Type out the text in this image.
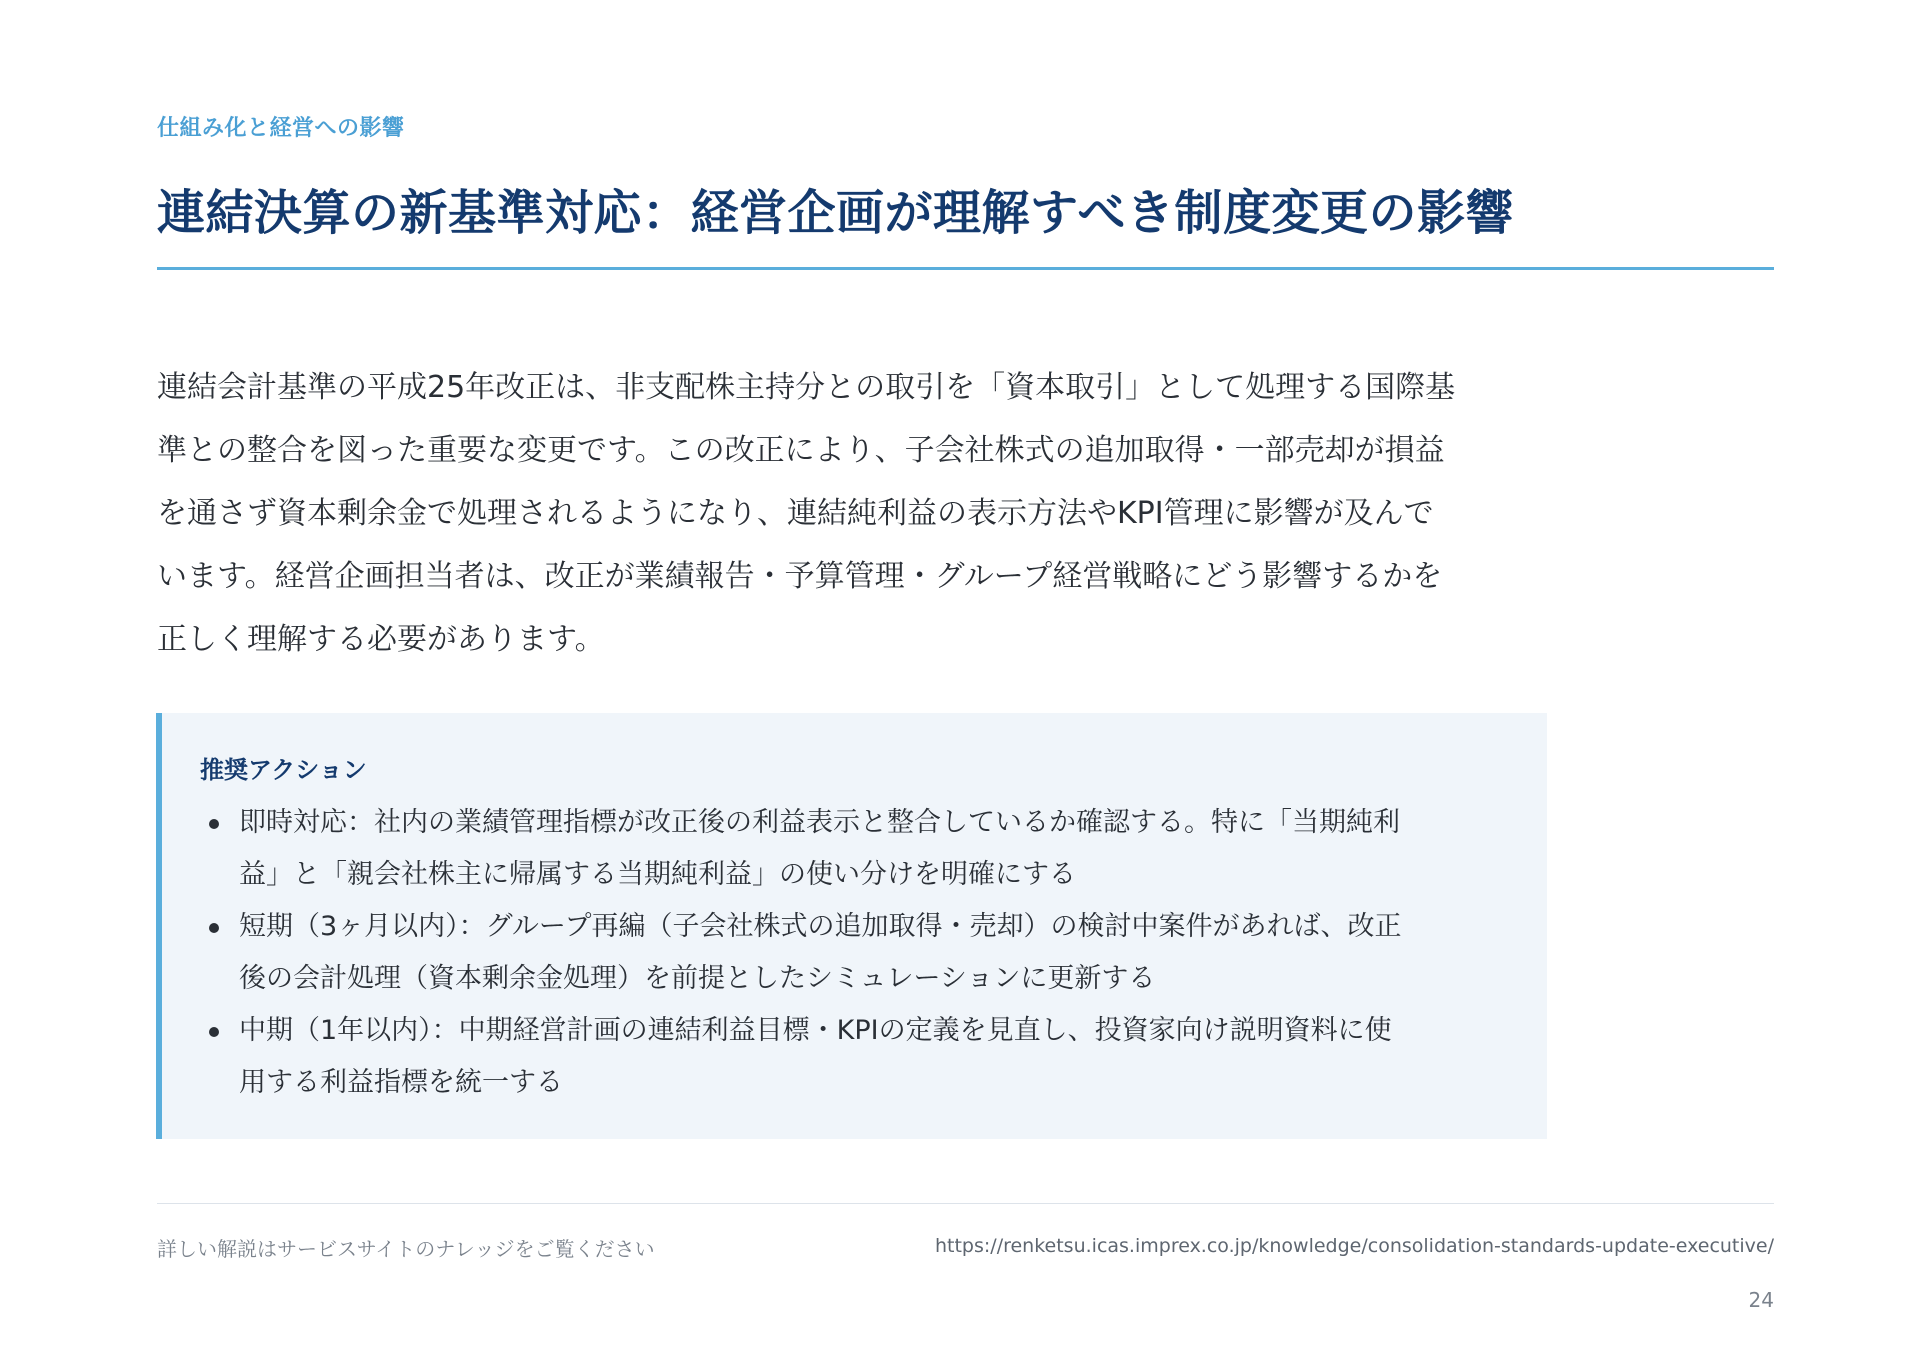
仕組み化と経営への影響
連結決算の新基準対応：経営企画が理解すべき制度変更の影響
連結会計基準の平成25年改正は、非支配株主持分との取引を「資本取引」として処理する国際基
準との整合を図った重要な変更です。この改正により、子会社株式の追加取得・一部売却が損益
を通さず資本剰余金で処理されるようになり、連結純利益の表示方法やKPI管理に影響が及んで
います。経営企画担当者は、改正が業績報告・予算管理・グループ経営戦略にどう影響するかを
正しく理解する必要があります。
推奨アクション
即時対応：社内の業績管理指標が改正後の利益表示と整合しているか確認する。特に「当期純利
益」と「親会社株主に帰属する当期純利益」の使い分けを明確にする
短期（3ヶ月以内）：グループ再編（子会社株式の追加取得・売却）の検討中案件があれば、改正
後の会計処理（資本剰余金処理）を前提としたシミュレーションに更新する
中期（1年以内）：中期経営計画の連結利益目標・KPIの定義を見直し、投資家向け説明資料に使
用する利益指標を統一する
詳しい解説はサービスサイトのナレッジをご覧ください	https://renketsu.icas.imprex.co.jp/knowledge/consolidation-standards-update-executive/
24
